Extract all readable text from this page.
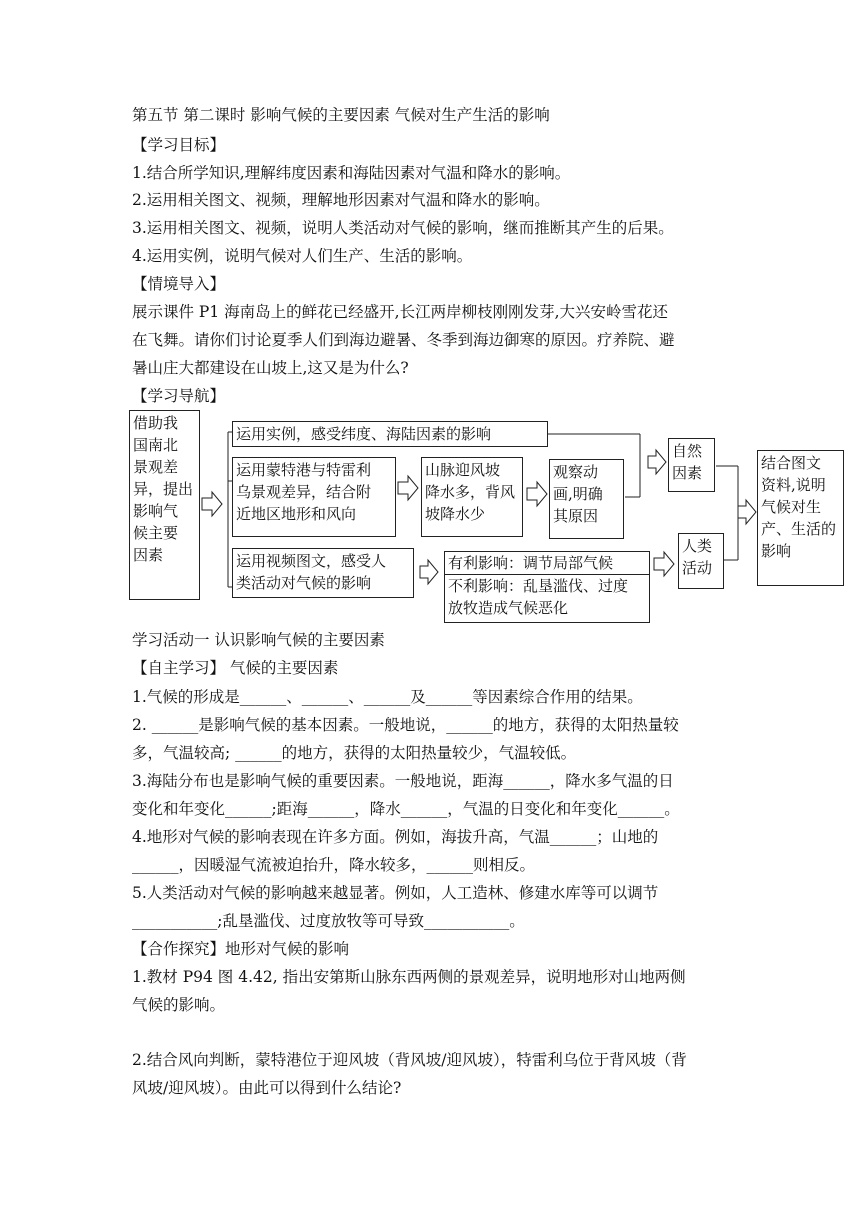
第五节 第二课时 影响气候的主要因素 气候对生产生活的影响
【学习目标】
1.结合所学知识,理解纬度因素和海陆因素对气温和降水的影响。
2.运用相关图文、视频，理解地形因素对气温和降水的影响。
3.运用相关图文、视频，说明人类活动对气候的影响，继而推断其产生的后果。
4.运用实例，说明气候对人们生产、生活的影响。
【情境导入】
展示课件 P1 海南岛上的鲜花已经盛开,长江两岸柳枝刚刚发芽,大兴安岭雪花还
在飞舞。请你们讨论夏季人们到海边避暑、冬季到海边御寒的原因。疗养院、避
暑山庄大都建设在山坡上,这又是为什么?
【学习导航】
借助我
国南北
景观差
异，提出
影响气
候主要
因素
运用实例，感受纬度、海陆因素的影响
运用蒙特港与特雷利
乌景观差异，结合附
近地区地形和风向
山脉迎风坡
降水多，背风
坡降水少
观察动
画,明确
其原因
自然
因素
运用视频图文，感受人
类活动对气候的影响
有利影响：调节局部气候
不利影响：乱垦滥伐、过度
放牧造成气候恶化
人类
活动
结合图文
资料,说明
气候对生
产、生活的
影响
学习活动一 认识影响气候的主要因素
【自主学习】 气候的主要因素
1.气候的形成是______、______、______及______等因素综合作用的结果。
2. ______是影响气候的基本因素。一般地说，______的地方，获得的太阳热量较
多，气温较高; ______的地方，获得的太阳热量较少，气温较低。
3.海陆分布也是影响气候的重要因素。一般地说，距海______，降水多气温的日
变化和年变化______;距海______，降水______，气温的日变化和年变化______。
4.地形对气候的影响表现在许多方面。例如，海拔升高，气温______；山地的
______，因暖湿气流被迫抬升，降水较多，______则相反。
5.人类活动对气候的影响越来越显著。例如，人工造林、修建水库等可以调节
___________;乱垦滥伐、过度放牧等可导致___________。
【合作探究】地形对气候的影响
1.教材 P94 图 4.42, 指出安第斯山脉东西两侧的景观差异，说明地形对山地两侧
气候的影响。
2.结合风向判断，蒙特港位于迎风坡（背风坡/迎风坡），特雷利乌位于背风坡（背
风坡/迎风坡）。由此可以得到什么结论?
